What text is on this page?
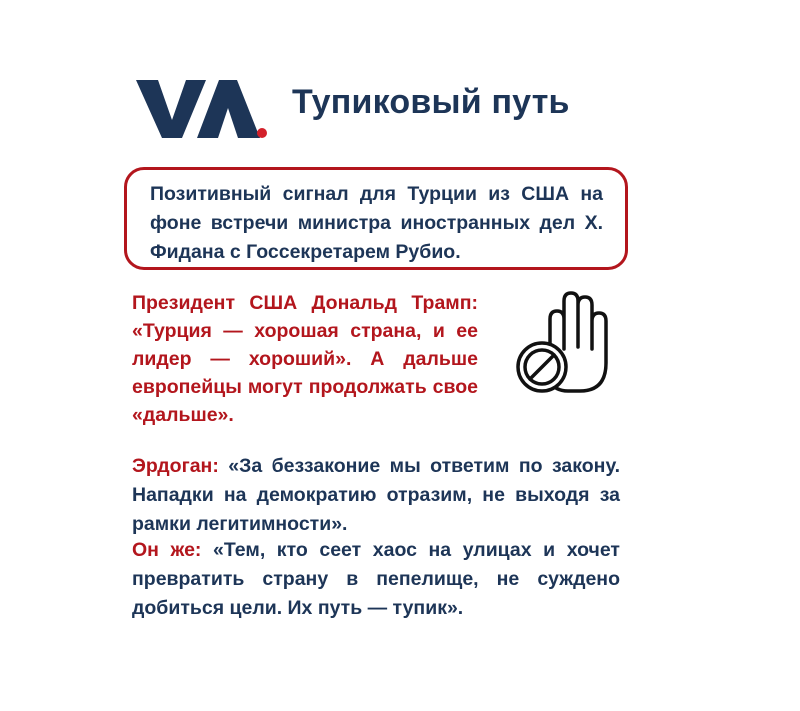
Тупиковый путь
Позитивный сигнал для Турции из США на фоне встречи министра иностранных дел Х. Фидана с Госсекретарем Рубио.
Президент США Дональд Трамп: «Турция — хорошая страна, и ее лидер — хороший». А дальше европейцы могут продолжать свое «дальше».
Эрдоган: «За беззаконие мы ответим по закону. Нападки на демократию отразим, не выходя за рамки легитимности».
Он же: «Тем, кто сеет хаос на улицах и хочет превратить страну в пепелище, не суждено добиться цели. Их путь — тупик».
